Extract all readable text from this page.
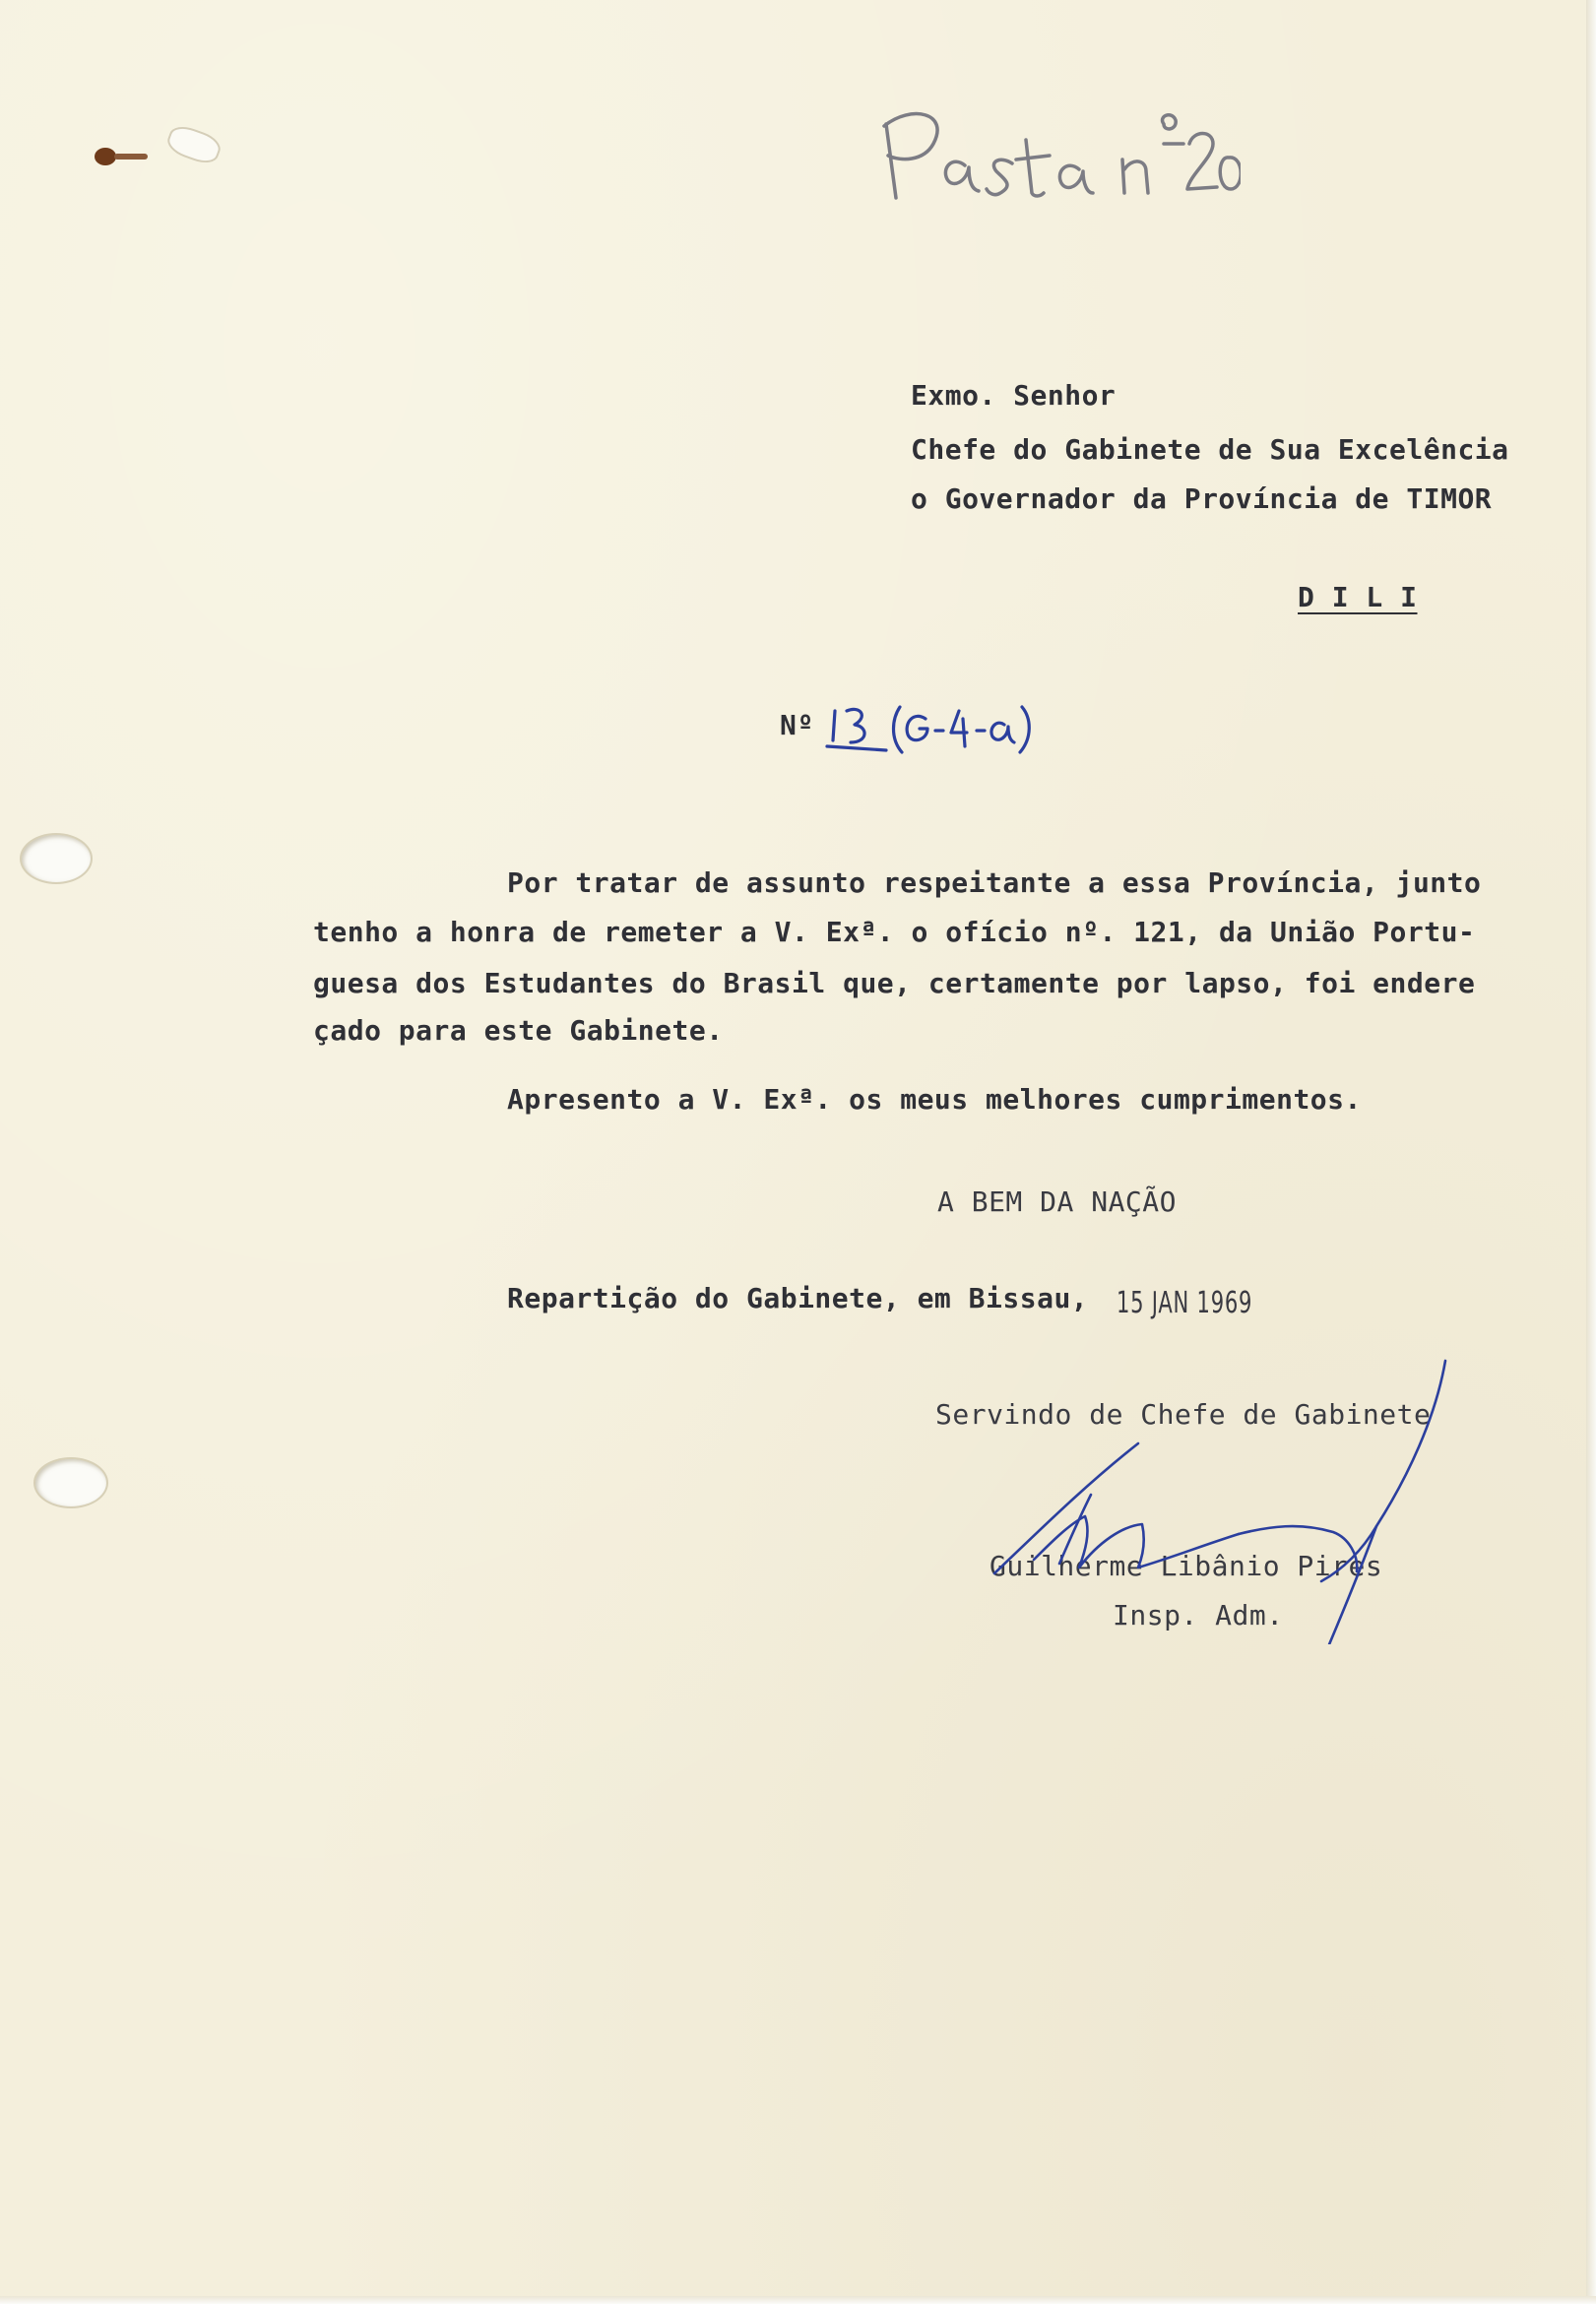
Exmo. Senhor
Chefe do Gabinete de Sua Excelência
o Governador da Província de TIMOR
D I L I
Nº
Por tratar de assunto respeitante a essa Província, junto
tenho a honra de remeter a V. Exª. o ofício nº. 121, da União Portu-
guesa dos Estudantes do Brasil que, certamente por lapso, foi endere
çado para este Gabinete.
Apresento a V. Exª. os meus melhores cumprimentos.
A BEM DA NAÇÃO
Repartição do Gabinete, em Bissau, 15 JAN 1969
Servindo de Chefe de Gabinete
Guilherme Libânio Pires
Insp. Adm.
